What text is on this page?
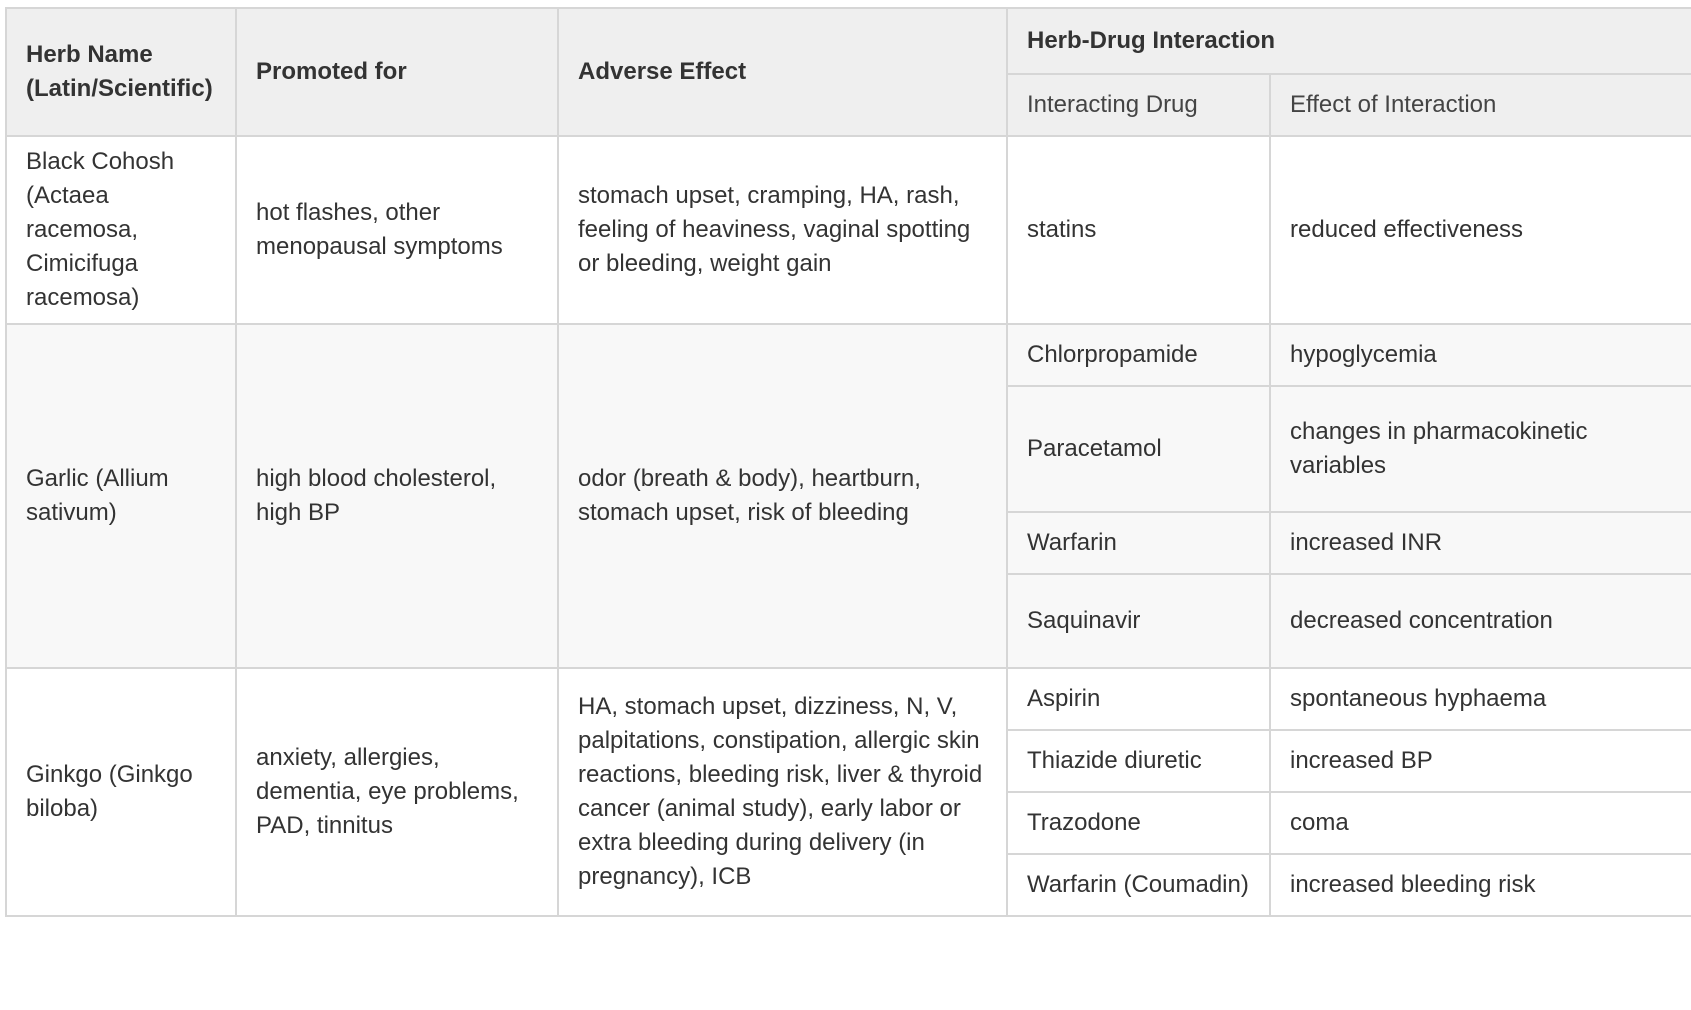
Herb Name (Latin/Scientific)	Promoted for	Adverse Effect	Herb-Drug Interaction	
			Interacting Drug	Effect of Interaction
Black Cohosh (Actaea racemosa, Cimicifuga racemosa)	hot flashes, other menopausal symptoms	stomach upset, cramping, HA, rash, feeling of heaviness, vaginal spotting or bleeding, weight gain	statins	reduced effectiveness
Garlic (Allium sativum)	high blood cholesterol, high BP	odor (breath & body), heartburn, stomach upset, risk of bleeding	Chlorpropamide	hypoglycemia
			Paracetamol	changes in pharmacokinetic variables
			Warfarin	increased INR
			Saquinavir	decreased concentration
Ginkgo (Ginkgo biloba)	anxiety, allergies, dementia, eye problems, PAD, tinnitus	HA, stomach upset, dizziness, N, V, palpitations, constipation, allergic skin reactions, bleeding risk, liver & thyroid cancer (animal study), early labor or extra bleeding during delivery (in pregnancy), ICB	Aspirin	spontaneous hyphaema
			Thiazide diuretic	increased BP
			Trazodone	coma
			Warfarin (Coumadin)	increased bleeding risk
